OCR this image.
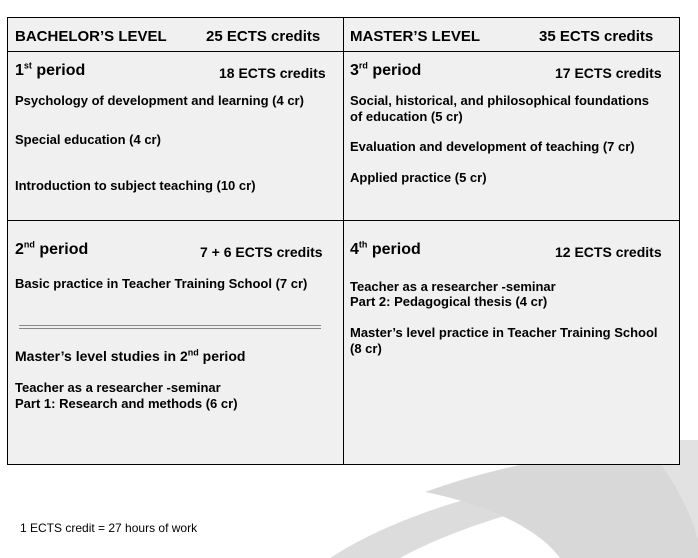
BACHELOR’S LEVEL	25 ECTS credits MASTER’S LEVEL	35 ECTS credits
1st period	18 ECTS credits
Psychology of development and learning (4 cr)
Special education (4 cr)
Introduction to subject teaching (10 cr)
3rd period	17 ECTS credits
Social, historical, and philosophical foundations
of education (5 cr)
Evaluation and development of teaching (7 cr)
Applied practice (5 cr)
2nd period	7 + 6 ECTS credits
Basic practice in Teacher Training School (7 cr)
Master’s level studies in 2nd period
Teacher as a researcher -seminar
Part 1: Research and methods (6 cr)
4th period	12 ECTS credits
Teacher as a researcher -seminar
Part 2: Pedagogical thesis (4 cr)
Master’s level practice in Teacher Training School
(8 cr)
1 ECTS credit = 27 hours of work
